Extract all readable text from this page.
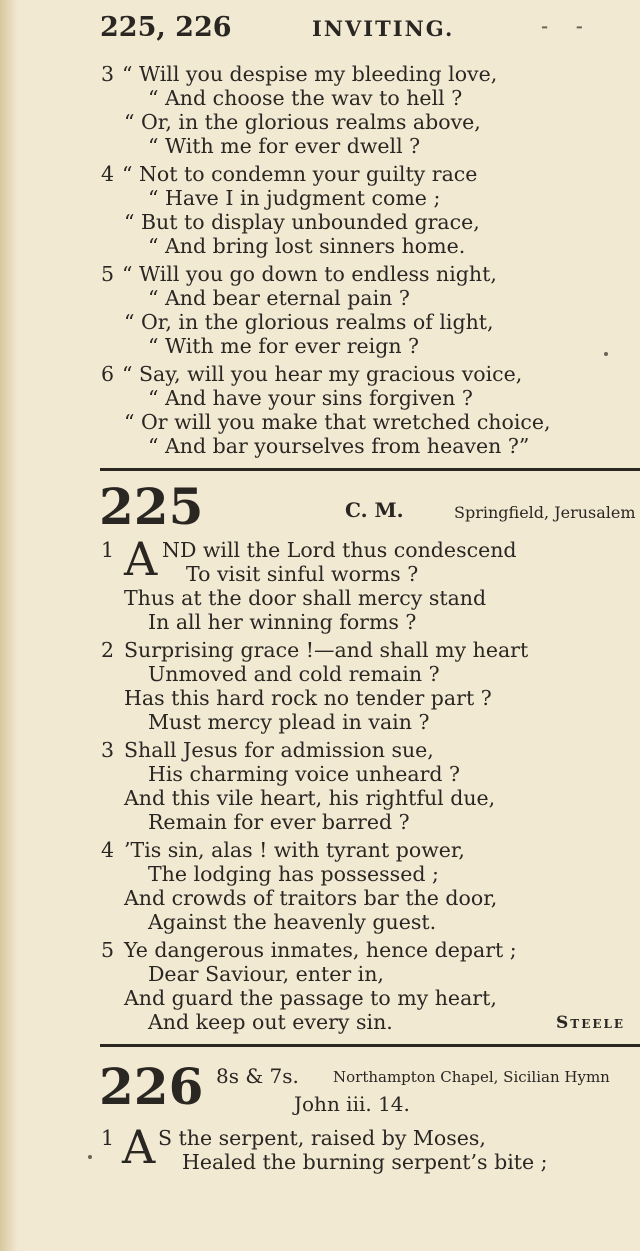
225, 226	INVITING.	⁃ ⁃
3 “ Will you despise my bleeding love,
“ And choose the wav to hell ?
“ Or, in the glorious realms above,
“ With me for ever dwell ?
4 “ Not to condemn your guilty race
“ Have I in judgment come ;
“ But to display unbounded grace,
“ And bring lost sinners home.
5 “ Will you go down to endless night,
“ And bear eternal pain ?
“ Or, in the glorious realms of light,
“ With me for ever reign ?
6 “ Say, will you hear my gracious voice,
“ And have your sins forgiven ?
“ Or will you make that wretched choice,
“ And bar yourselves from heaven ?”
225	C. M.	Springfield, Jerusalem
1 A ND will the Lord thus condescend
To visit sinful worms ?
Thus at the door shall mercy stand
In all her winning forms ?
2 Surprising grace !—and shall my heart
Unmoved and cold remain ?
Has this hard rock no tender part ?
Must mercy plead in vain ?
3 Shall Jesus for admission sue,
His charming voice unheard ?
And this vile heart, his rightful due,
Remain for ever barred ?
4 ’Tis sin, alas ! with tyrant power,
The lodging has possessed ;
And crowds of traitors bar the door,
Against the heavenly guest.
5 Ye dangerous inmates, hence depart ;
Dear Saviour, enter in,
And guard the passage to my heart,
And keep out every sin.	Steele
226 8s & 7s. Northampton Chapel, Sicilian Hymn
John iii. 14.
1 A S the serpent, raised by Moses,
Healed the burning serpent’s bite ;
